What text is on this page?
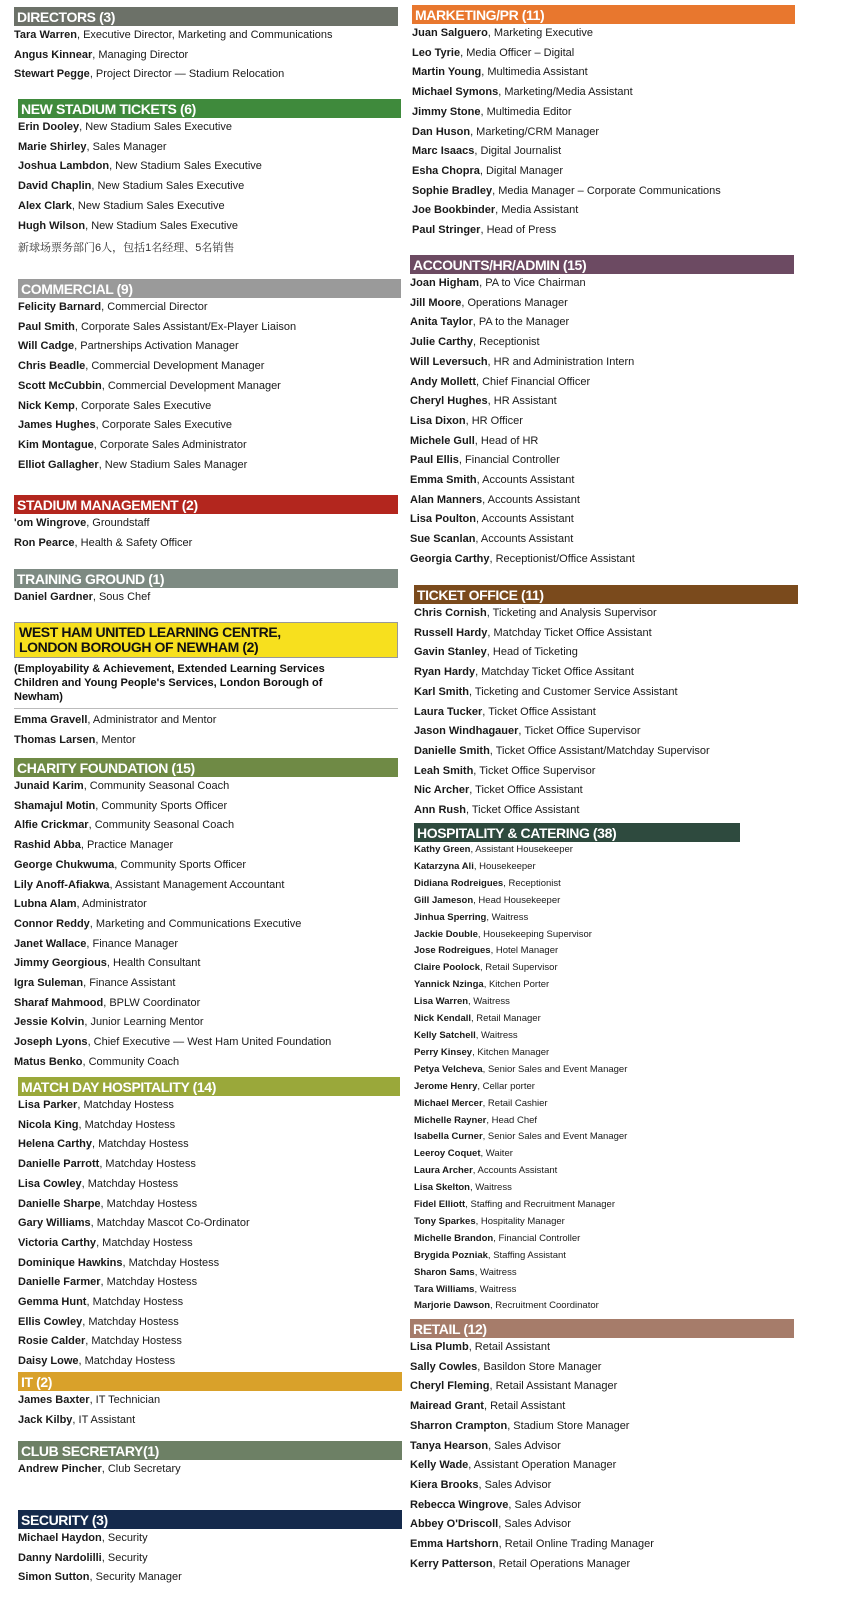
DIRECTORS (3)
Tara Warren, Executive Director, Marketing and Communications
Angus Kinnear, Managing Director
Stewart Pegge, Project Director — Stadium Relocation
NEW STADIUM TICKETS (6)
Erin Dooley, New Stadium Sales Executive
Marie Shirley, Sales Manager
Joshua Lambdon, New Stadium Sales Executive
David Chaplin, New Stadium Sales Executive
Alex Clark, New Stadium Sales Executive
Hugh Wilson, New Stadium Sales Executive
新球场票务部门6人，包括1名经理、5名销售
COMMERCIAL (9)
Felicity Barnard, Commercial Director
Paul Smith, Corporate Sales Assistant/Ex-Player Liaison
Will Cadge, Partnerships Activation Manager
Chris Beadle, Commercial Development Manager
Scott McCubbin, Commercial Development Manager
Nick Kemp, Corporate Sales Executive
James Hughes, Corporate Sales Executive
Kim Montague, Corporate Sales Administrator
Elliot Gallagher, New Stadium Sales Manager
STADIUM MANAGEMENT (2)
'om Wingrove, Groundstaff
Ron Pearce, Health & Safety Officer
TRAINING GROUND (1)
Daniel Gardner, Sous Chef
CHARITY FOUNDATION (15)
Junaid Karim, Community Seasonal Coach
Shamajul Motin, Community Sports Officer
Alfie Crickmar, Community Seasonal Coach
Rashid Abba, Practice Manager
George Chukwuma, Community Sports Officer
Lily Anoff-Afiakwa, Assistant Management Accountant
Lubna Alam, Administrator
Connor Reddy, Marketing and Communications Executive
Janet Wallace, Finance Manager
Jimmy Georgious, Health Consultant
Igra Suleman, Finance Assistant
Sharaf Mahmood, BPLW Coordinator
Jessie Kolvin, Junior Learning Mentor
Joseph Lyons, Chief Executive — West Ham United Foundation
Matus Benko, Community Coach
MATCH DAY HOSPITALITY (14)
Lisa Parker, Matchday Hostess
Nicola King, Matchday Hostess
Helena Carthy, Matchday Hostess
Danielle Parrott, Matchday Hostess
Lisa Cowley, Matchday Hostess
Danielle Sharpe, Matchday Hostess
Gary Williams, Matchday Mascot Co-Ordinator
Victoria Carthy, Matchday Hostess
Dominique Hawkins, Matchday Hostess
Danielle Farmer, Matchday Hostess
Gemma Hunt, Matchday Hostess
Ellis Cowley, Matchday Hostess
Rosie Calder, Matchday Hostess
Daisy Lowe, Matchday Hostess
IT (2)
James Baxter, IT Technician
Jack Kilby, IT Assistant
CLUB SECRETARY(1)
Andrew Pincher, Club Secretary
SECURITY (3)
Michael Haydon, Security
Danny Nardolilli, Security
Simon Sutton, Security Manager
MARKETING/PR (11)
Juan Salguero, Marketing Executive
Leo Tyrie, Media Officer – Digital
Martin Young, Multimedia Assistant
Michael Symons, Marketing/Media Assistant
Jimmy Stone, Multimedia Editor
Dan Huson, Marketing/CRM Manager
Marc Isaacs, Digital Journalist
Esha Chopra, Digital Manager
Sophie Bradley, Media Manager – Corporate Communications
Joe Bookbinder, Media Assistant
Paul Stringer, Head of Press
ACCOUNTS/HR/ADMIN (15)
Joan Higham, PA to Vice Chairman
Jill Moore, Operations Manager
Anita Taylor, PA to the Manager
Julie Carthy, Receptionist
Will Leversuch, HR and Administration Intern
Andy Mollett, Chief Financial Officer
Cheryl Hughes, HR Assistant
Lisa Dixon, HR Officer
Michele Gull, Head of HR
Paul Ellis, Financial Controller
Emma Smith, Accounts Assistant
Alan Manners, Accounts Assistant
Lisa Poulton, Accounts Assistant
Sue Scanlan, Accounts Assistant
Georgia Carthy, Receptionist/Office Assistant
TICKET OFFICE (11)
Chris Cornish, Ticketing and Analysis Supervisor
Russell Hardy, Matchday Ticket Office Assistant
Gavin Stanley, Head of Ticketing
Ryan Hardy, Matchday Ticket Office Assitant
Karl Smith, Ticketing and Customer Service Assistant
Laura Tucker, Ticket Office Assistant
Jason Windhagauer, Ticket Office Supervisor
Danielle Smith, Ticket Office Assistant/Matchday Supervisor
Leah Smith, Ticket Office Supervisor
Nic Archer, Ticket Office Assistant
Ann Rush, Ticket Office Assistant
HOSPITALITY & CATERING (38)
Kathy Green, Assistant Housekeeper
Katarzyna Ali, Housekeeper
Didiana Rodreigues, Receptionist
Gill Jameson, Head Housekeeper
Jinhua Sperring, Waitress
Jackie Double, Housekeeping Supervisor
Jose Rodreigues, Hotel Manager
Claire Poolock, Retail Supervisor
Yannick Nzinga, Kitchen Porter
Lisa Warren, Waitress
Nick Kendall, Retail Manager
Kelly Satchell, Waitress
Perry Kinsey, Kitchen Manager
Petya Velcheva, Senior Sales and Event Manager
Jerome Henry, Cellar porter
Michael Mercer, Retail Cashier
Michelle Rayner, Head Chef
Isabella Curner, Senior Sales and Event Manager
Leeroy Coquet, Waiter
Laura Archer, Accounts Assistant
Lisa Skelton, Waitress
Fidel Elliott, Staffing and Recruitment Manager
Tony Sparkes, Hospitality Manager
Michelle Brandon, Financial Controller
Brygida Pozniak, Staffing Assistant
Sharon Sams, Waitress
Tara Williams, Waitress
Marjorie Dawson, Recruitment Coordinator
RETAIL (12)
Lisa Plumb, Retail Assistant
Sally Cowles, Basildon Store Manager
Cheryl Fleming, Retail Assistant Manager
Mairead Grant, Retail Assistant
Sharron Crampton, Stadium Store Manager
Tanya Hearson, Sales Advisor
Kelly Wade, Assistant Operation Manager
Kiera Brooks, Sales Advisor
Rebecca Wingrove, Sales Advisor
Abbey O'Driscoll, Sales Advisor
Emma Hartshorn, Retail Online Trading Manager
Kerry Patterson, Retail Operations Manager
WEST HAM UNITED LEARNING CENTRE,
LONDON BOROUGH OF NEWHAM (2)
(Employability & Achievement, Extended Learning Services
Children and Young People's Services, London Borough of
Newham)
Emma Gravell, Administrator and Mentor
Thomas Larsen, Mentor
